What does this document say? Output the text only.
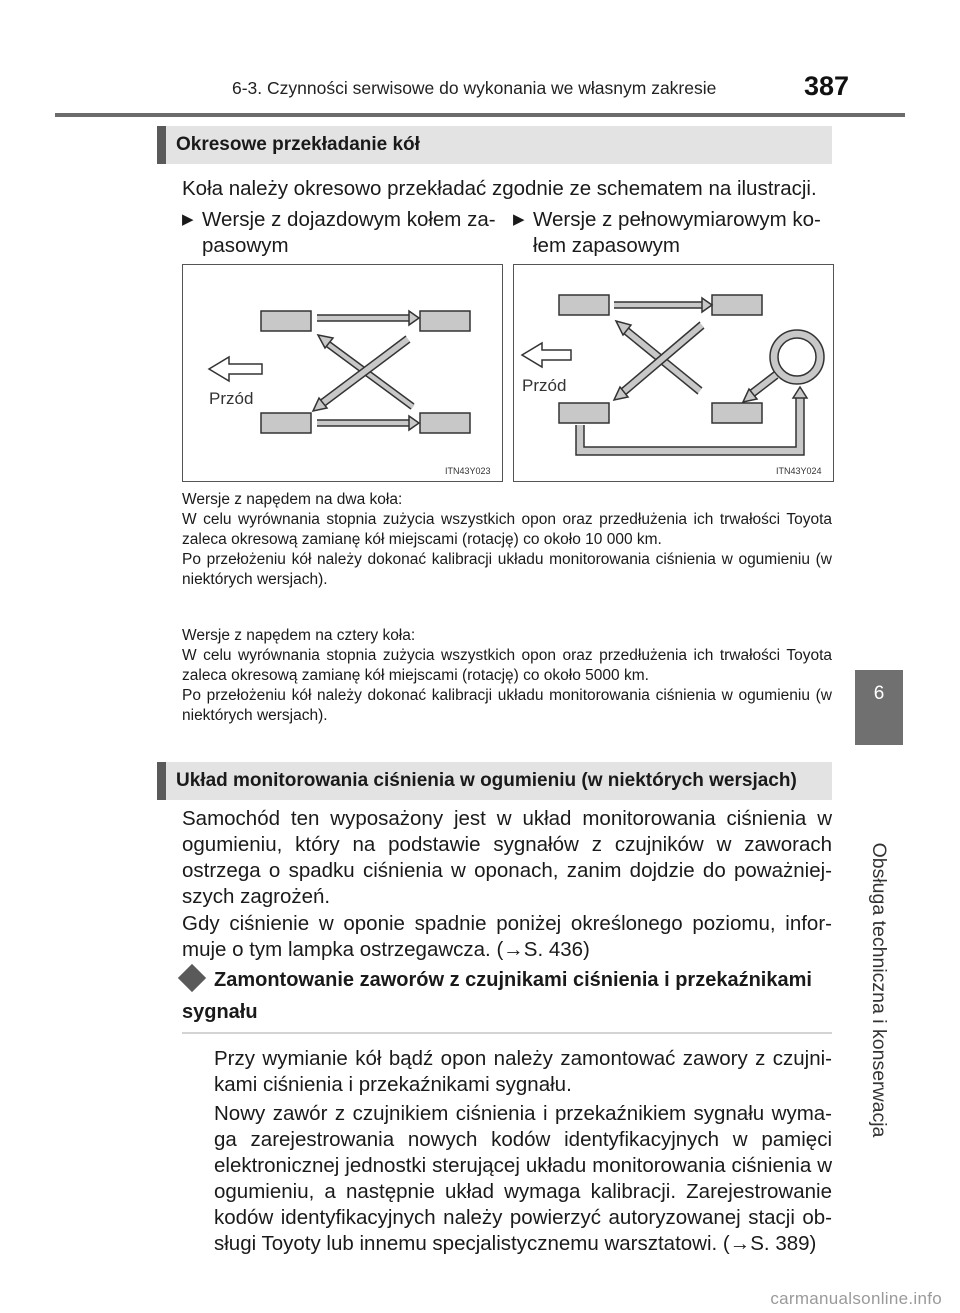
6-3. Czynności serwisowe do wykonania we własnym zakresie	387
6
Obsługa techniczna i konserwacja
Okresowe przekładanie kół
Koła należy okresowo przekładać zgodnie ze schematem na ilustracji.
▶ Wersje z dojazdowym kołem za-
pasowym
▶ Wersje z pełnowymiarowym ko-
łem zapasowym
Przód
ITN43Y023
Przód
ITN43Y024
Wersje z napędem na dwa koła:
W celu wyrównania stopnia zużycia wszystkich opon oraz przedłużenia ich trwałości Toyota zaleca okresową zamianę kół miejscami (rotację) co około 10 000 km.
Po przełożeniu kół należy dokonać kalibracji układu monitorowania ciśnienia w ogumieniu (w niektórych wersjach).
Wersje z napędem na cztery koła:
W celu wyrównania stopnia zużycia wszystkich opon oraz przedłużenia ich trwałości Toyota zaleca okresową zamianę kół miejscami (rotację) co około 5000 km.
Po przełożeniu kół należy dokonać kalibracji układu monitorowania ciśnienia w ogumieniu (w niektórych wersjach).
Układ monitorowania ciśnienia w ogumieniu (w niektórych wersjach)
Samochód ten wyposażony jest w układ monitorowania ciśnienia w ogumieniu, który na podstawie sygnałów z czujników w zaworach ostrzega o spadku ciśnienia w oponach, zanim dojdzie do poważniej-szych zagrożeń.
Gdy ciśnienie w oponie spadnie poniżej określonego poziomu, infor-muje o tym lampka ostrzegawcza. (→S. 436)
Zamontowanie zaworów z czujnikami ciśnienia i przekaźnikami sygnału
Przy wymianie kół bądź opon należy zamontować zawory z czujni-kami ciśnienia i przekaźnikami sygnału.
Nowy zawór z czujnikiem ciśnienia i przekaźnikiem sygnału wyma-ga zarejestrowania nowych kodów identyfikacyjnych w pamięci elektronicznej jednostki sterującej układu monitorowania ciśnienia w ogumieniu, a następnie układ wymaga kalibracji. Zarejestrowanie kodów identyfikacyjnych należy powierzyć autoryzowanej stacji ob-sługi Toyoty lub innemu specjalistycznemu warsztatowi. (→S. 389)
carmanualsonline.info
